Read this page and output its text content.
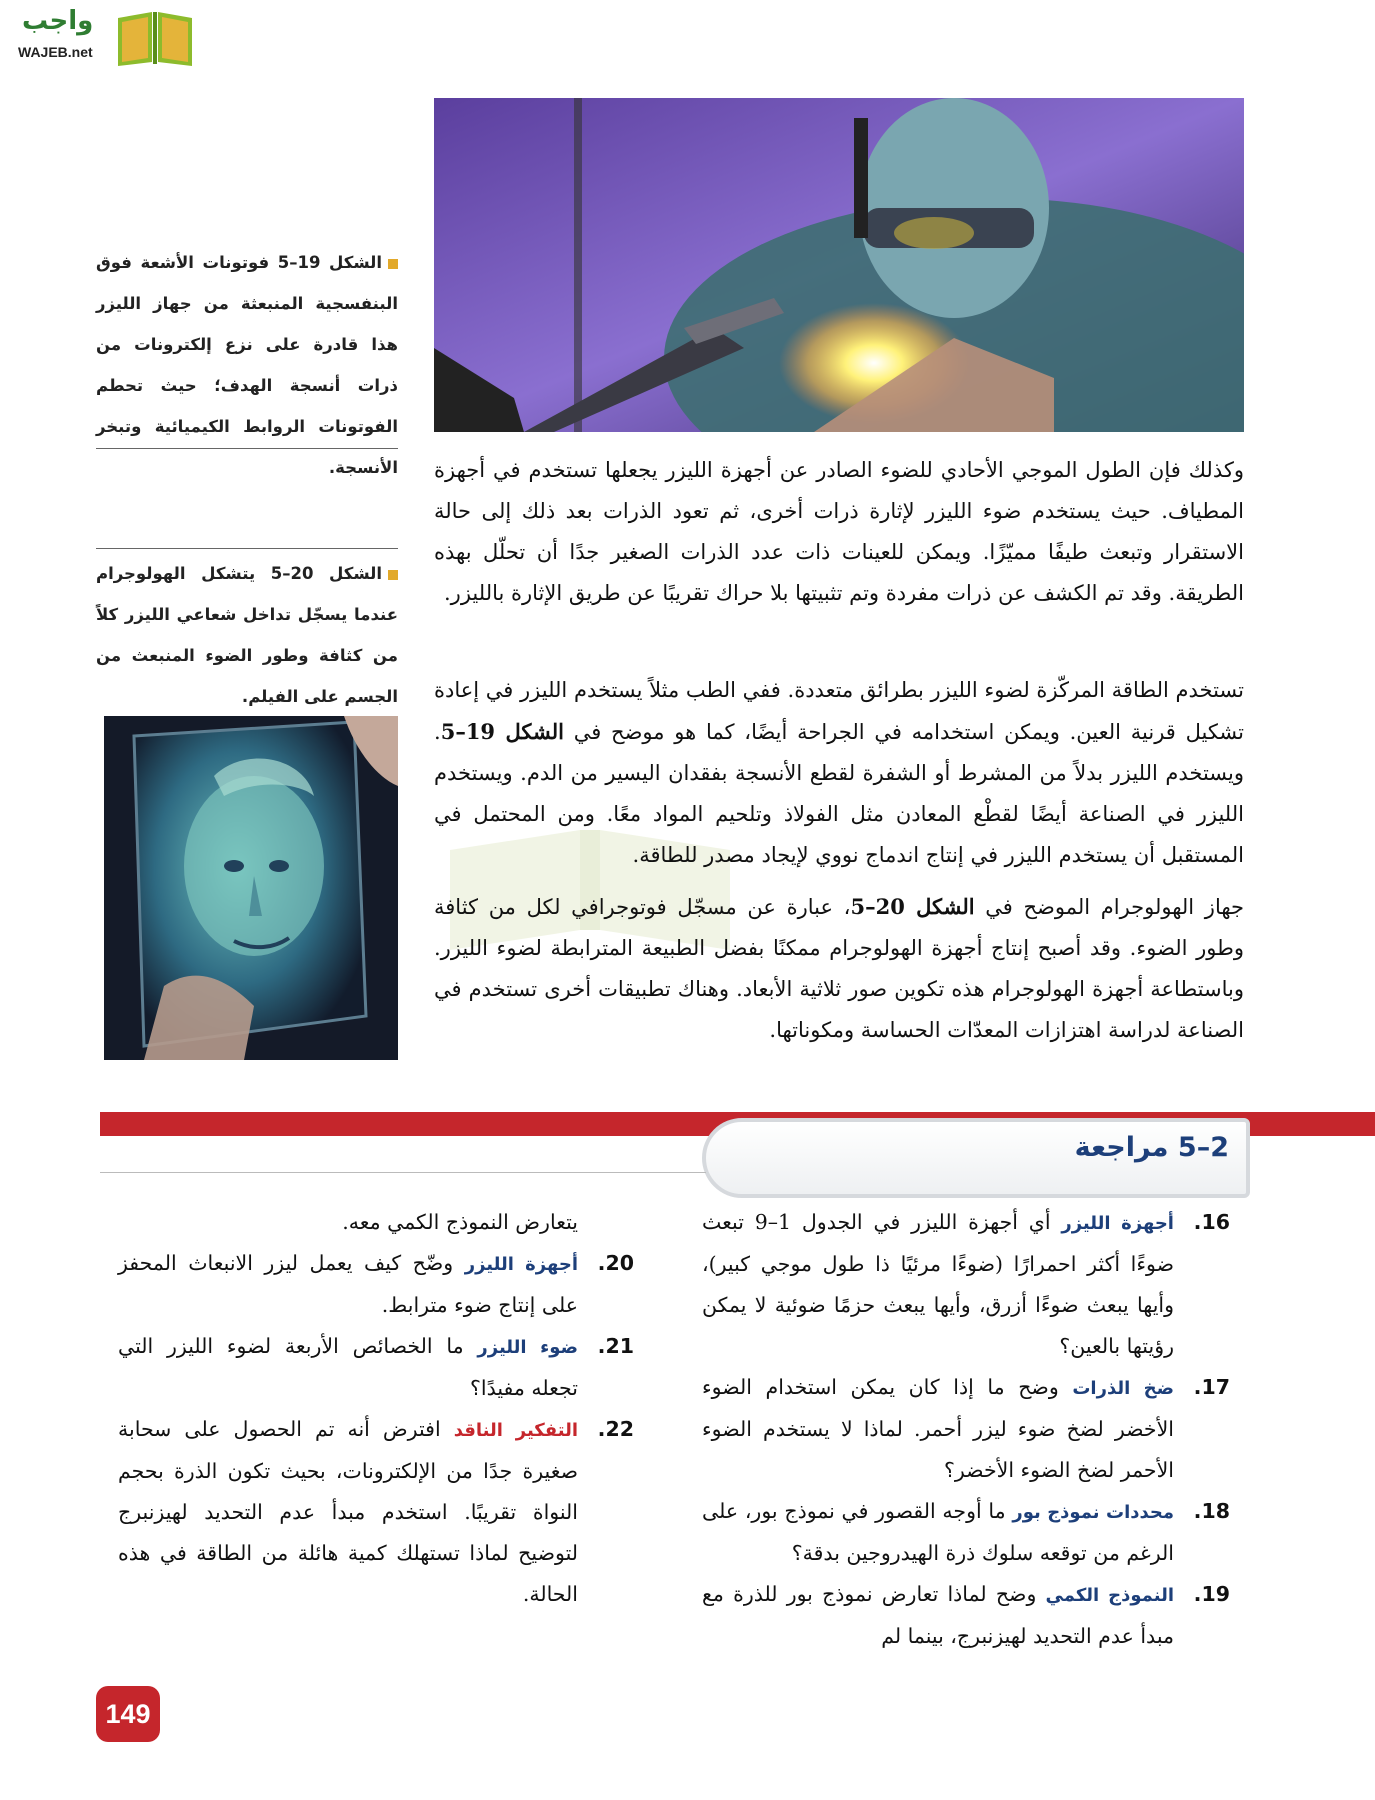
واجب
WAJEB.net
الشكل 19–5 فوتونات الأشعة فوق البنفسجية المنبعثة من جهاز الليزر هذا قادرة على نزع إلكترونات من ذرات أنسجة الهدف؛ حيث تحطم الفوتونات الروابط الكيميائية وتبخر الأنسجة.
الشكل 20–5 يتشكل الهولوجرام عندما يسجّل تداخل شعاعي الليزر كلاً من كثافة وطور الضوء المنبعث من الجسم على الفيلم.
وكذلك فإن الطول الموجي الأحادي للضوء الصادر عن أجهزة الليزر يجعلها تستخدم في أجهزة المطياف. حيث يستخدم ضوء الليزر لإثارة ذرات أخرى، ثم تعود الذرات بعد ذلك إلى حالة الاستقرار وتبعث طيفًا مميّزًا. ويمكن للعينات ذات عدد الذرات الصغير جدًا أن تحلّل بهذه الطريقة. وقد تم الكشف عن ذرات مفردة وتم تثبيتها بلا حراك تقريبًا عن طريق الإثارة بالليزر.
تستخدم الطاقة المركّزة لضوء الليزر بطرائق متعددة. ففي الطب مثلاً يستخدم الليزر في إعادة تشكيل قرنية العين. ويمكن استخدامه في الجراحة أيضًا، كما هو موضح في الشكل 19–5. ويستخدم الليزر بدلاً من المشرط أو الشفرة لقطع الأنسجة بفقدان اليسير من الدم. ويستخدم الليزر في الصناعة أيضًا لقطْع المعادن مثل الفولاذ وتلحيم المواد معًا. ومن المحتمل في المستقبل أن يستخدم الليزر في إنتاج اندماج نووي لإيجاد مصدر للطاقة.
جهاز الهولوجرام الموضح في الشكل 20–5، عبارة عن مسجّل فوتوجرافي لكل من كثافة وطور الضوء. وقد أصبح إنتاج أجهزة الهولوجرام ممكنًا بفضل الطبيعة المترابطة لضوء الليزر. وباستطاعة أجهزة الهولوجرام هذه تكوين صور ثلاثية الأبعاد. وهناك تطبيقات أخرى تستخدم في الصناعة لدراسة اهتزازات المعدّات الحساسة ومكوناتها.
2–5 مراجعة
16.
أجهزة الليزر أي أجهزة الليزر في الجدول 1–9 تبعث ضوءًا أكثر احمرارًا (ضوءًا مرئيًا ذا طول موجي كبير)، وأيها يبعث ضوءًا أزرق، وأيها يبعث حزمًا ضوئية لا يمكن رؤيتها بالعين؟
17.
ضخ الذرات وضح ما إذا كان يمكن استخدام الضوء الأخضر لضخ ضوء ليزر أحمر. لماذا لا يستخدم الضوء الأحمر لضخ الضوء الأخضر؟
18.
محددات نموذج بور ما أوجه القصور في نموذج بور، على الرغم من توقعه سلوك ذرة الهيدروجين بدقة؟
19.
النموذج الكمي وضح لماذا تعارض نموذج بور للذرة مع مبدأ عدم التحديد لهيزنبرج، بينما لم
يتعارض النموذج الكمي معه.
20.
أجهزة الليزر وضّح كيف يعمل ليزر الانبعاث المحفز على إنتاج ضوء مترابط.
21.
ضوء الليزر ما الخصائص الأربعة لضوء الليزر التي تجعله مفيدًا؟
22.
التفكير الناقد افترض أنه تم الحصول على سحابة صغيرة جدًا من الإلكترونات، بحيث تكون الذرة بحجم النواة تقريبًا. استخدم مبدأ عدم التحديد لهيزنبرج لتوضيح لماذا تستهلك كمية هائلة من الطاقة في هذه الحالة.
149
